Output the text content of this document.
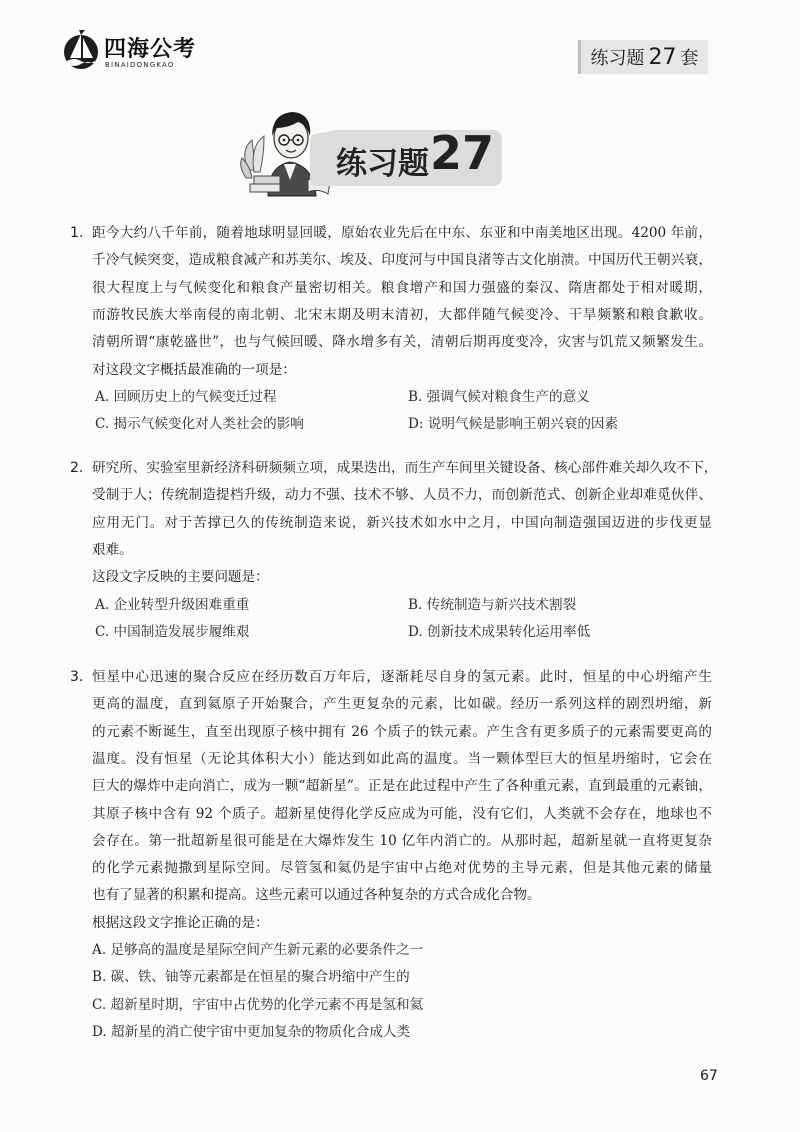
四海公考
BINAIDONGKAO	练习题 27 套
练习题 27
1. 距今大约八千年前，随着地球明显回暖，原始农业先后在中东、东亚和中南美地区出现。4200 年前，
千冷气候突变，造成粮食减产和苏美尔、埃及、印度河与中国良渚等古文化崩溃。中国历代王朝兴衰，
很大程度上与气候变化和粮食产量密切相关。粮食增产和国力强盛的秦汉、隋唐都处于相对暖期，
而游牧民族大举南侵的南北朝、北宋末期及明末清初，大都伴随气候变冷、干旱频繁和粮食歉收。
清朝所谓“康乾盛世”，也与气候回暖、降水增多有关，清朝后期再度变冷，灾害与饥荒又频繁发生。
对这段文字概括最准确的一项是：
A. 回顾历史上的气候变迁过程	B. 强调气候对粮食生产的意义
C. 揭示气候变化对人类社会的影响	D: 说明气候是影响王朝兴衰的因素
2. 研究所、实验室里新经济科研频频立项，成果迭出，而生产车间里关键设备、核心部件难关却久攻不下，
受制于人；传统制造提档升级，动力不强、技术不够、人员不力，而创新范式、创新企业却难觅伙伴、
应用无门。对于苦撑已久的传统制造来说，新兴技术如水中之月，中国向制造强国迈进的步伐更显
艰难。
这段文字反映的主要问题是：
A. 企业转型升级困难重重	B. 传统制造与新兴技术割裂
C. 中国制造发展步履维艰	D. 创新技术成果转化运用率低
3. 恒星中心迅速的聚合反应在经历数百万年后，逐渐耗尽自身的氢元素。此时，恒星的中心坍缩产生
更高的温度，直到氦原子开始聚合，产生更复杂的元素，比如碳。经历一系列这样的剧烈坍缩，新
的元素不断诞生，直至出现原子核中拥有 26 个质子的铁元素。产生含有更多质子的元素需要更高的
温度。没有恒星（无论其体积大小）能达到如此高的温度。当一颗体型巨大的恒星坍缩时，它会在
巨大的爆炸中走向消亡，成为一颗“超新星”。正是在此过程中产生了各种重元素，直到最重的元素铀，
其原子核中含有 92 个质子。超新星使得化学反应成为可能，没有它们，人类就不会存在，地球也不
会存在。第一批超新星很可能是在大爆炸发生 10 亿年内消亡的。从那时起，超新星就一直将更复杂
的化学元素抛撒到星际空间。尽管氢和氦仍是宇宙中占绝对优势的主导元素，但是其他元素的储量
也有了显著的积累和提高。这些元素可以通过各种复杂的方式合成化合物。
根据这段文字推论正确的是：
A. 足够高的温度是星际空间产生新元素的必要条件之一
B. 碳、铁、铀等元素都是在恒星的聚合坍缩中产生的
C. 超新星时期，宇宙中占优势的化学元素不再是氢和氦
D. 超新星的消亡使宇宙中更加复杂的物质化合成人类
67
